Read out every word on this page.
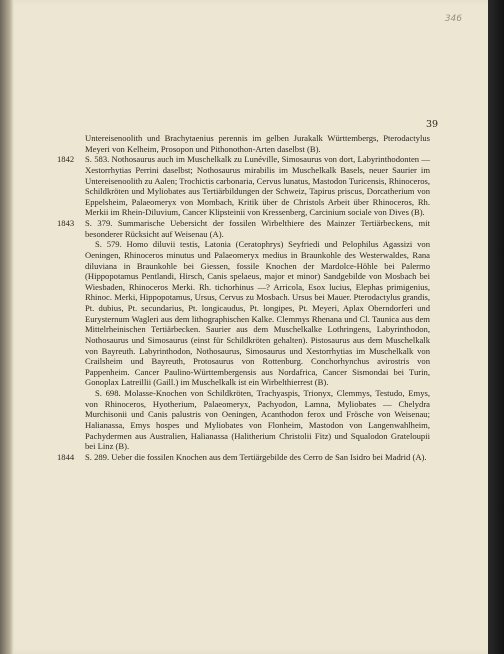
346
39

Untereisenoolith und Brachytaenius perennis im gelben Jurakalk Württembergs, Pterodactylus Meyeri von Kelheim, Prosopon und Pithonothon-Arten daselbst (B).

1842 S. 583. Nothosaurus auch im Muschelkalk zu Lunéville, Simosaurus von dort, Labyrinthodonten — Xestorrhytias Perrini daselbst; Nothosaurus mirabilis im Muschelkalk Basels, neuer Saurier im Untereisenoolith zu Aalen; Trochictis carbonaria, Cervus lunatus, Mastodon Turicensis, Rhinoceros, Schildkröten und Myliobates aus Tertiärbildungen der Schweiz, Tapirus priscus, Dorcatherium von Eppelsheim, Palaeomeryx von Mombach, Kritik über de Christols Arbeit über Rhinoceros, Rh. Merkii im Rhein-Diluvium, Cancer Klipsteinii von Kressenberg, Carcinium sociale von Dives (B).

1843 S. 379. Summarische Uebersicht der fossilen Wirbelthiere des Mainzer Tertiärbeckens, mit besonderer Rücksicht auf Weisenau (A).

S. 579. Homo diluvii testis, Latonia (Ceratophrys) Seyfriedi und Pelophilus Agassizi von Oeningen, Rhinoceros minutus und Palaeomeryx medius in Braunkohle des Westerwaldes, Rana diluviana in Braunkohle bei Giessen, fossile Knochen der Mardolce-Höhle bei Palermo (Hippopotamus Pentlandi, Hirsch, Canis spelaeus, major et minor) Sandgebilde von Mosbach bei Wiesbaden, Rhinoceros Merki. Rh. tichorhinus —? Arricola, Esox lucius, Elephas primigenius, Rhinoc. Merki, Hippopotamus, Ursus, Cervus zu Mosbach. Ursus bei Mauer. Pterodactylus grandis, Pt. dubius, Pt. secundarius, Pt. longicaudus, Pt. longipes, Pt. Meyeri, Aplax Oberndorferi und Eurysternum Wagleri aus dem lithographischen Kalke. Clemmys Rhenana und Cl. Taunica aus dem Mittelrheinischen Tertiärbecken. Saurier aus dem Muschelkalke Lothringens, Labyrinthodon, Nothosaurus und Simosaurus (einst für Schildkröten gehalten). Pistosaurus aus dem Muschelkalk von Bayreuth. Labyrinthodon, Nothosaurus, Simosaurus und Xestorrhytias im Muschelkalk von Crailsheim und Bayreuth, Protosaurus von Rottenburg. Conchorhynchus avirostris von Pappenheim. Cancer Paulino-Württembergensis aus Nordafrica, Cancer Sismondai bei Turin, Gonoplax Latreillii (Gaill.) im Muschelkalk ist ein Wirbelthierrest (B).

S. 698. Molasse-Knochen von Schildkröten, Trachyaspis, Trionyx, Clemmys, Testudo, Emys, von Rhinoceros, Hyotherium, Palaeomeryx, Pachyodon, Lamna, Myliobates — Chelydra Murchisonii und Canis palustris von Oeningen, Acanthodon ferox und Frösche von Weisenau; Halianassa, Emys hospes und Myliobates von Flonheim, Mastodon von Langenwahlheim, Pachydermen aus Australien, Halianassa (Halitherium Christolii Fitz) und Squalodon Grateloupii bei Linz (B).

1844 S. 289. Ueber die fossilen Knochen aus dem Tertiärgebilde des Cerro de San Isidro bei Madrid (A).
